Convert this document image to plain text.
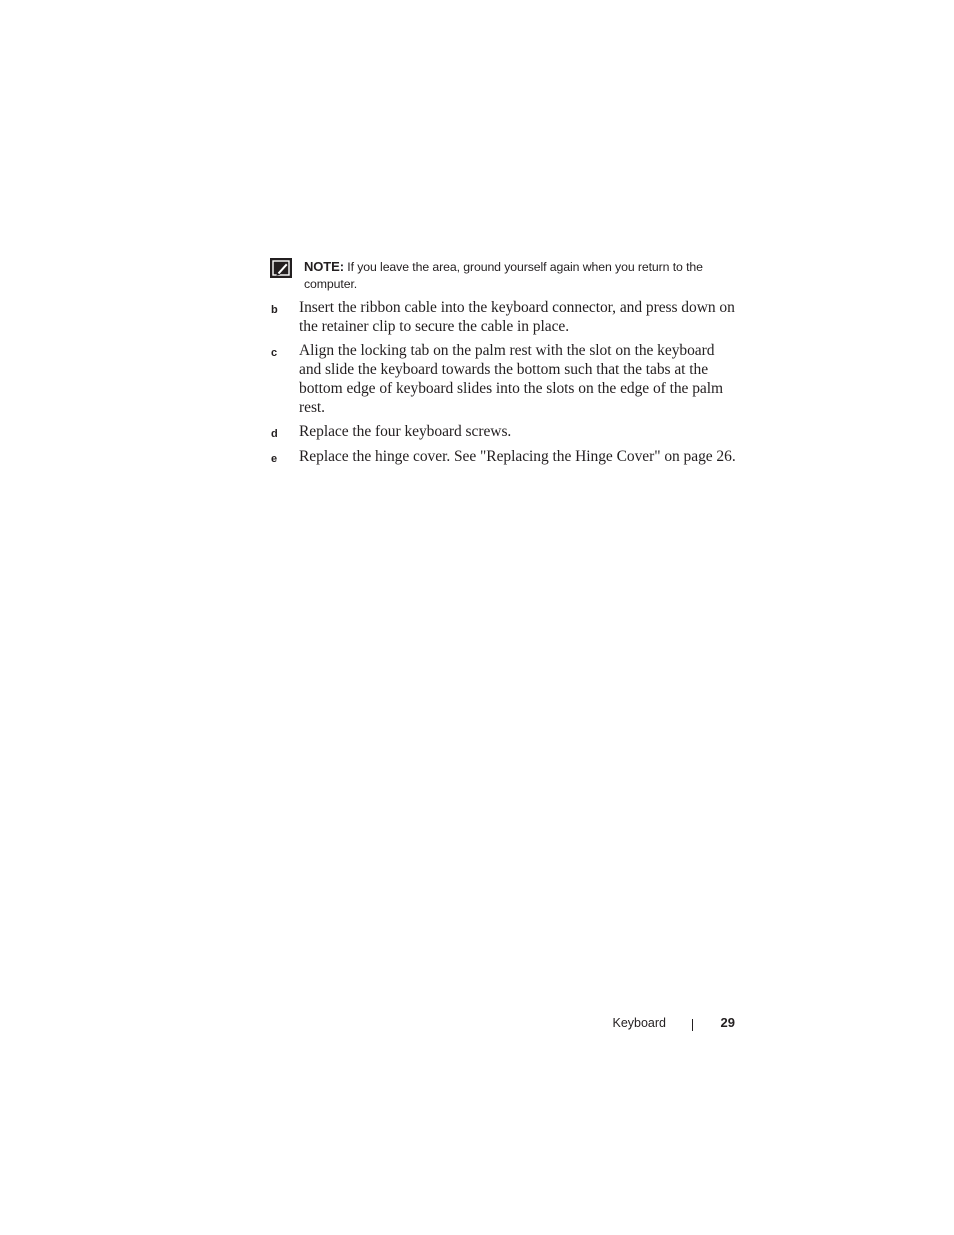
NOTE: If you leave the area, ground yourself again when you return to the computer.
b Insert the ribbon cable into the keyboard connector, and press down on the retainer clip to secure the cable in place.
c Align the locking tab on the palm rest with the slot on the keyboard and slide the keyboard towards the bottom such that the tabs at the bottom edge of keyboard slides into the slots on the edge of the palm rest.
d Replace the four keyboard screws.
e Replace the hinge cover. See "Replacing the Hinge Cover" on page 26.
Keyboard	29
